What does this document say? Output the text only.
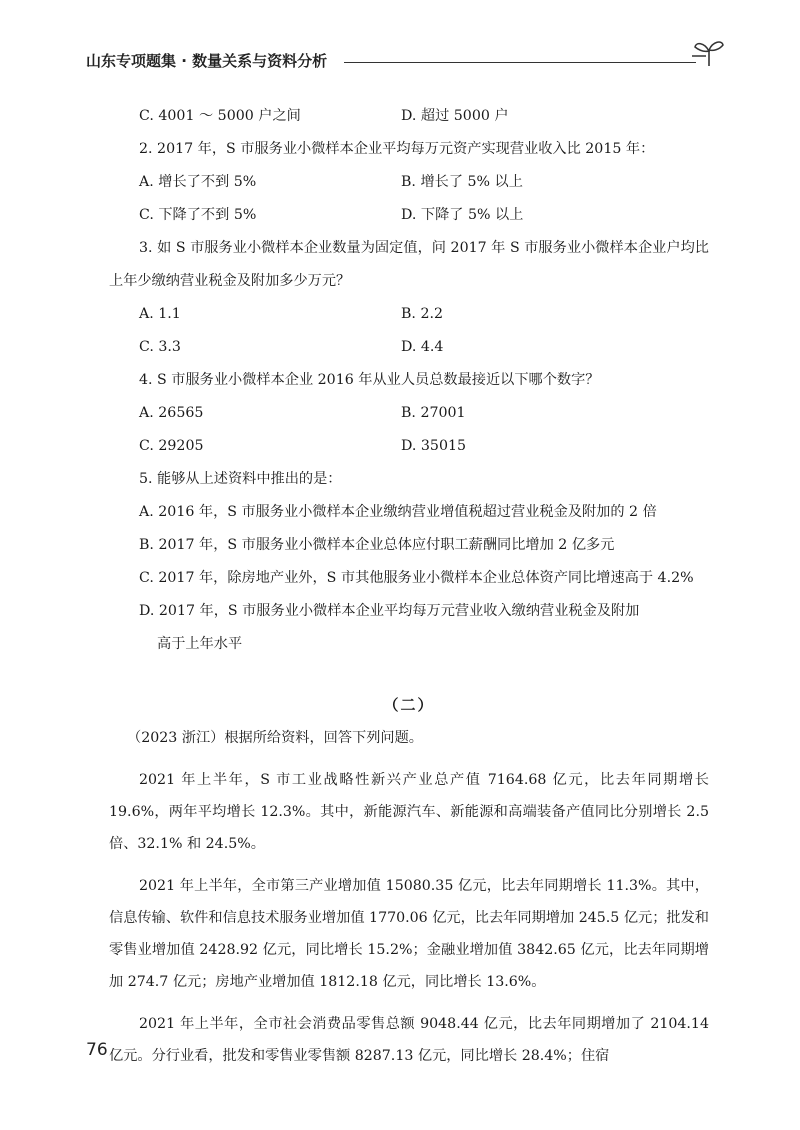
山东专项题集 · 数量关系与资料分析
C. 4001 ～ 5000 户之间	D. 超过 5000 户
2. 2017 年，S 市服务业小微样本企业平均每万元资产实现营业收入比 2015 年：
A. 增长了不到 5%	B. 增长了 5% 以上
C. 下降了不到 5%	D. 下降了 5% 以上
3. 如 S 市服务业小微样本企业数量为固定值，问 2017 年 S 市服务业小微样本企业户均比上年少缴纳营业税金及附加多少万元？
A. 1.1	B. 2.2
C. 3.3	D. 4.4
4. S 市服务业小微样本企业 2016 年从业人员总数最接近以下哪个数字？
A. 26565	B. 27001
C. 29205	D. 35015
5. 能够从上述资料中推出的是：
A. 2016 年，S 市服务业小微样本企业缴纳营业增值税超过营业税金及附加的 2 倍
B. 2017 年，S 市服务业小微样本企业总体应付职工薪酬同比增加 2 亿多元
C. 2017 年，除房地产业外，S 市其他服务业小微样本企业总体资产同比增速高于 4.2%
D. 2017 年，S 市服务业小微样本企业平均每万元营业收入缴纳营业税金及附加
高于上年水平
（二）

（2023 浙江）根据所给资料，回答下列问题。

2021 年上半年，S 市工业战略性新兴产业总产值 7164.68 亿元，比去年同期增长 19.6%，两年平均增长 12.3%。其中，新能源汽车、新能源和高端装备产值同比分别增长 2.5 倍、32.1% 和 24.5%。

2021 年上半年，全市第三产业增加值 15080.35 亿元，比去年同期增长 11.3%。其中，信息传输、软件和信息技术服务业增加值 1770.06 亿元，比去年同期增加 245.5 亿元；批发和零售业增加值 2428.92 亿元，同比增长 15.2%；金融业增加值 3842.65 亿元，比去年同期增加 274.7 亿元；房地产业增加值 1812.18 亿元，同比增长 13.6%。

2021 年上半年，全市社会消费品零售总额 9048.44 亿元，比去年同期增加了 2104.14 亿元。分行业看，批发和零售业零售额 8287.13 亿元，同比增长 28.4%；住宿

76
